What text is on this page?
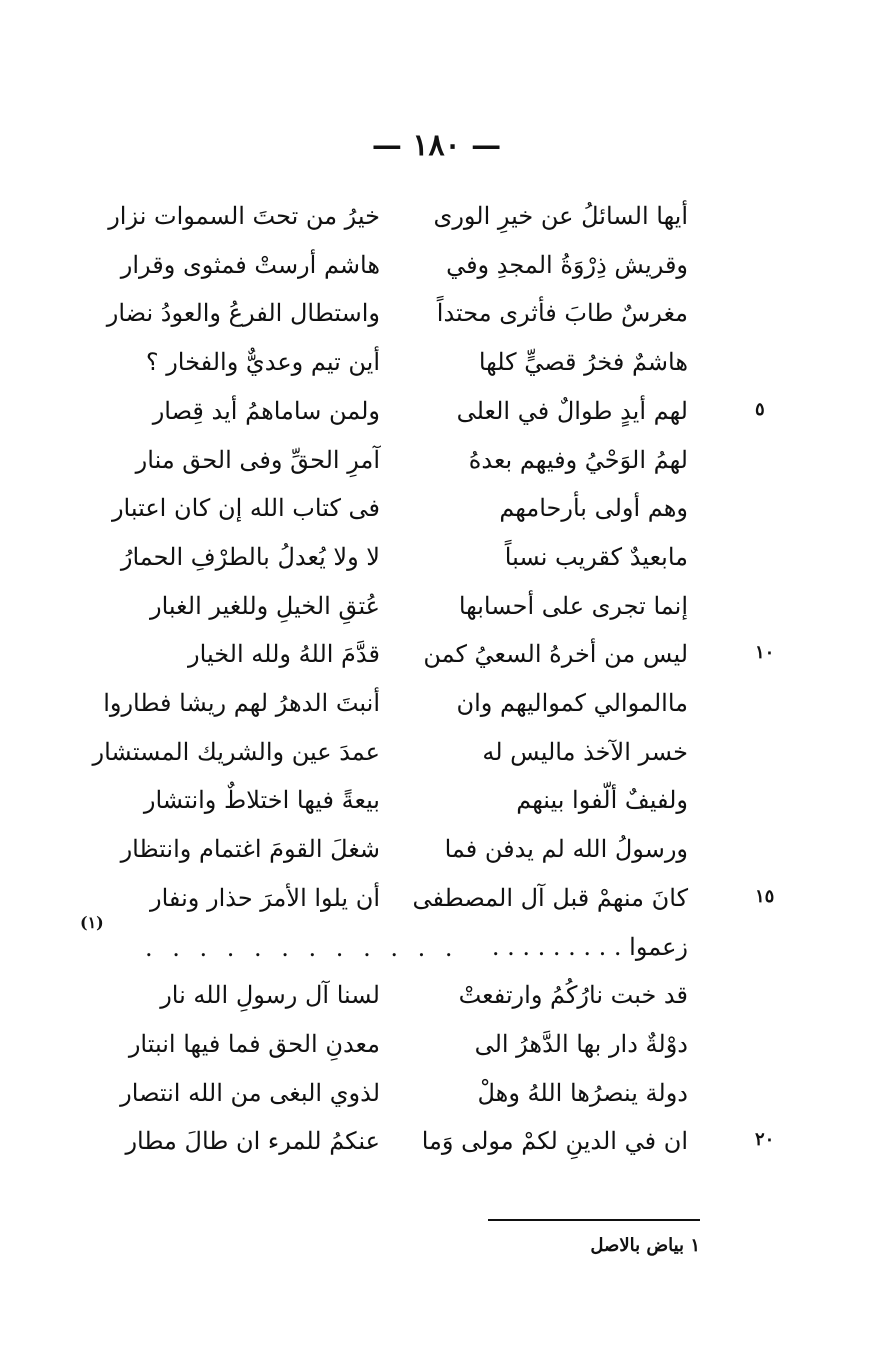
— ١٨٠ —
أيها السائلُ عن خيرِ الورى
خيرُ من تحتَ السموات نزار
وقريش ذِرْوَةُ المجدِ وفي
هاشم أرستْ فمثوى وقرار
مغرسٌ طابَ فأثرى محتداً
واستطال الفرعُ والعودُ نضار
هاشمٌ فخرُ قصيٍّ كلها
أين تيم وعديٌّ والفخار ؟
لهم أيدٍ طوالٌ في العلى
ولمن ساماهمُ أيد قِصار	٥
لهمُ الوَحْيُ وفيهم بعدهُ
آمرِ الحقِّ وفى الحق منار
وهم أولى بأرحامهم
فى كتاب الله إن كان اعتبار
مابعيدٌ كقريب نسباً
لا ولا يُعدلُ بالطرْفِ الحمارُ
إنما تجرى على أحسابها
عُتقِ الخيلِ وللغير الغبار
ليس من أخرهُ السعيُ كمن
قدَّمَ اللهُ ولله الخيار	١٠
ماالموالي كمواليهم وان
أنبتَ الدهرُ لهم ريشا فطاروا
خسر الآخذ ماليس له
عمدَ عين والشريك المستشار
ولفيفٌ ألّفوا بينهم
بيعةً فيها اختلاطٌ وانتشار
ورسولُ الله لم يدفن فما
شغلَ القومَ اغتمام وانتظار
كانَ منهمْ قبل آل المصطفى
أن يلوا الأمرَ حذار ونفار	١٥
زعموا . . . . . . . . .
. . . . . . . . . . . .
(١)
قد خبت نارُكُمُ وارتفعتْ
لسنا آل رسولِ الله نار
دوْلةٌ دار بها الدَّهرُ الى
معدنِ الحق فما فيها انبتار
دولة ينصرُها اللهُ وهلْ
لذوي البغى من الله انتصار
ان في الدينِ لكمْ مولى وَما
عنكمُ للمرء ان طالَ مطار	٢٠
١ بياض بالاصل
